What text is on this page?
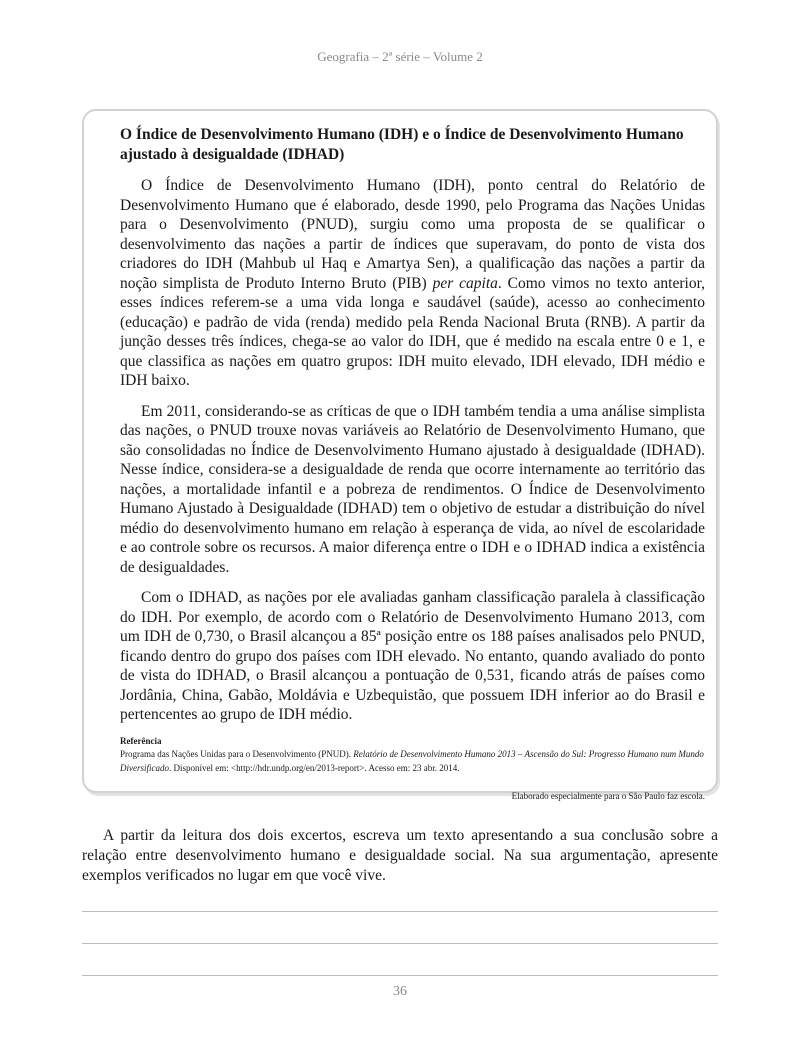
Geografia – 2ª série – Volume 2
O Índice de Desenvolvimento Humano (IDH) e o Índice de Desenvolvimento Humano ajustado à desigualdade (IDHAD)

O Índice de Desenvolvimento Humano (IDH), ponto central do Relatório de Desenvolvimento Humano que é elaborado, desde 1990, pelo Programa das Nações Unidas para o Desenvolvimento (PNUD), surgiu como uma proposta de se qualificar o desenvolvimento das nações a partir de índices que superavam, do ponto de vista dos criadores do IDH (Mahbub ul Haq e Amartya Sen), a qualificação das nações a partir da noção simplista de Produto Interno Bruto (PIB) per capita. Como vimos no texto anterior, esses índices referem-se a uma vida longa e saudável (saúde), acesso ao conhecimento (educação) e padrão de vida (renda) medido pela Renda Nacional Bruta (RNB). A partir da junção desses três índices, chega-se ao valor do IDH, que é medido na escala entre 0 e 1, e que classifica as nações em quatro grupos: IDH muito elevado, IDH elevado, IDH médio e IDH baixo.

Em 2011, considerando-se as críticas de que o IDH também tendia a uma análise simplista das nações, o PNUD trouxe novas variáveis ao Relatório de Desenvolvimento Humano, que são consolidadas no Índice de Desenvolvimento Humano ajustado à desigualdade (IDHAD). Nesse índice, considera-se a desigualdade de renda que ocorre internamente ao território das nações, a mortalidade infantil e a pobreza de rendimentos. O Índice de Desenvolvimento Humano Ajustado à Desigualdade (IDHAD) tem o objetivo de estudar a distribuição do nível médio do desenvolvimento humano em relação à esperança de vida, ao nível de escolaridade e ao controle sobre os recursos. A maior diferença entre o IDH e o IDHAD indica a existência de desigualdades.

Com o IDHAD, as nações por ele avaliadas ganham classificação paralela à classificação do IDH. Por exemplo, de acordo com o Relatório de Desenvolvimento Humano 2013, com um IDH de 0,730, o Brasil alcançou a 85ª posição entre os 188 países analisados pelo PNUD, ficando dentro do grupo dos países com IDH elevado. No entanto, quando avaliado do ponto de vista do IDHAD, o Brasil alcançou a pontuação de 0,531, ficando atrás de países como Jordânia, China, Gabão, Moldávia e Uzbequistão, que possuem IDH inferior ao do Brasil e pertencentes ao grupo de IDH médio.

Referência
Programa das Nações Unidas para o Desenvolvimento (PNUD). Relatório de Desenvolvimento Humano 2013 – Ascensão do Sul: Progresso Humano num Mundo Diversificado. Disponível em: <http://hdr.undp.org/en/2013-report>. Acesso em: 23 abr. 2014.
Elaborado especialmente para o São Paulo faz escola.

A partir da leitura dos dois excertos, escreva um texto apresentando a sua conclusão sobre a relação entre desenvolvimento humano e desigualdade social. Na sua argumentação, apresente exemplos verificados no lugar em que você vive.

36
